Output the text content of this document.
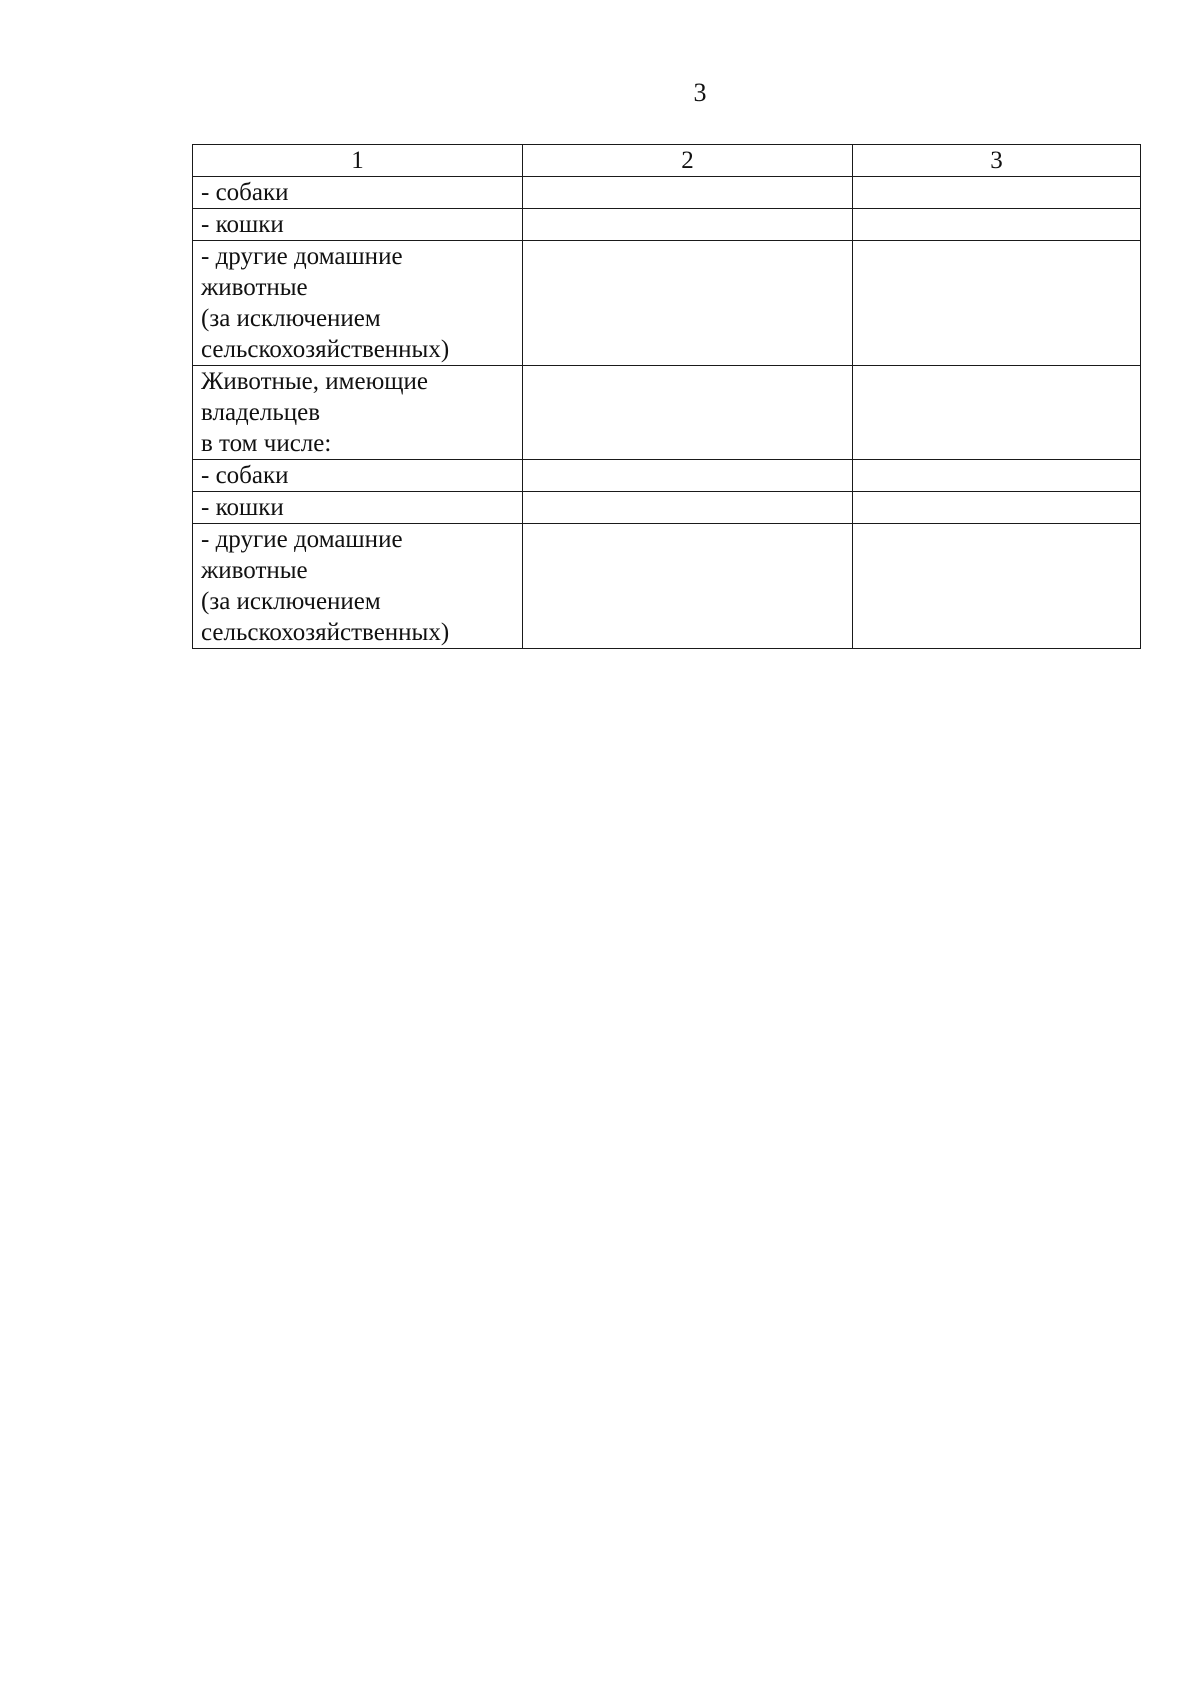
3
1	2	3

- собаки		

- кошки		

- другие домашние
животные
(за исключением
сельскохозяйственных)		

Животные, имеющие
владельцев
в том числе:		

- собаки		

- кошки		

- другие домашние
животные
(за исключением
сельскохозяйственных)		
